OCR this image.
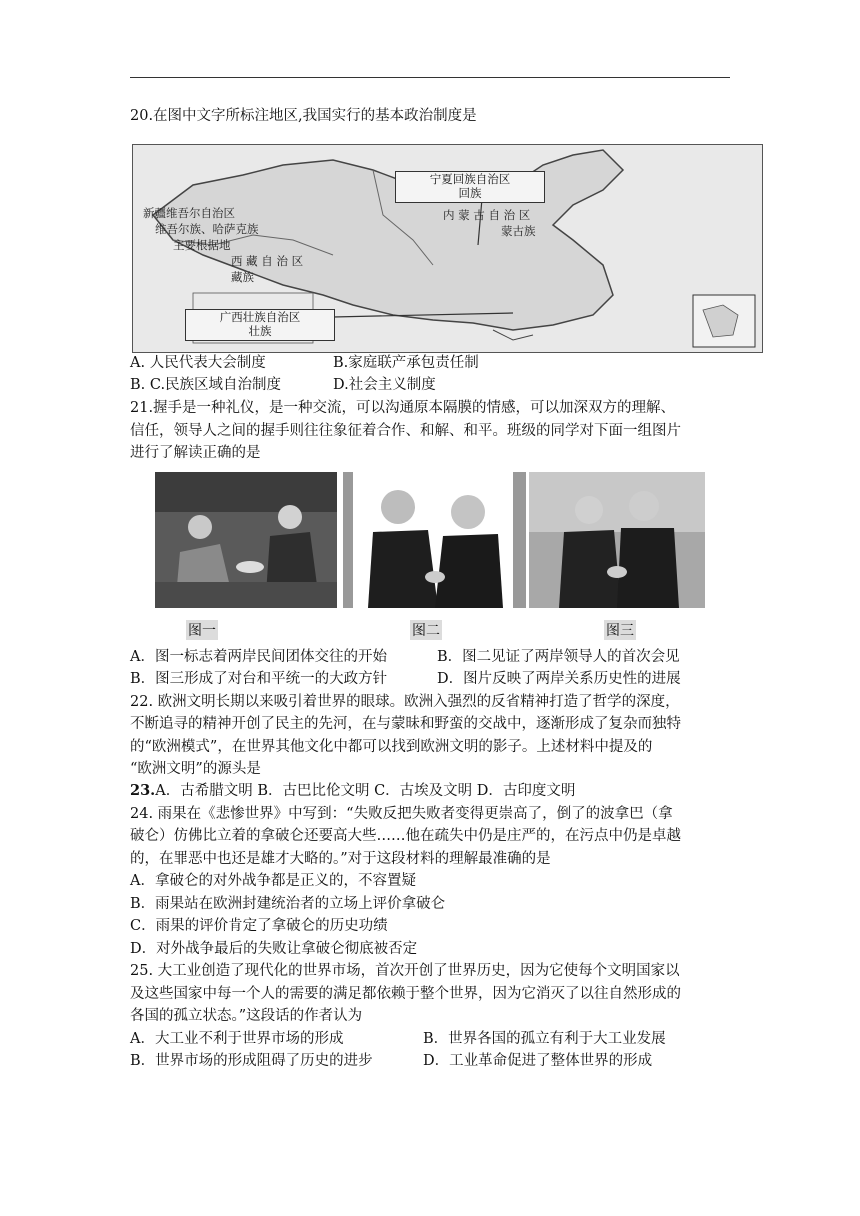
20.在图中文字所标注地区,我国实行的基本政治制度是
新疆维吾尔自治区
维吾尔族、哈萨克族
主要根据地
西 藏 自 治 区
藏族
宁夏回族自治区
回族
内 蒙 古 自 治 区
蒙古族
广西壮族自治区
壮族
A. 人民代表大会制度	B.家庭联产承包责任制
B. C.民族区域自治制度	D.社会主义制度
21.握手是一种礼仪，是一种交流，可以沟通原本隔膜的情感，可以加深双方的理解、
信任，领导人之间的握手则往往象征着合作、和解、和平。班级的同学对下面一组图片
进行了解读正确的是
图一	图二	图三
A．图一标志着两岸民间团体交往的开始	B．图二见证了两岸领导人的首次会见
B．图三形成了对台和平统一的大政方针	D．图片反映了两岸关系历史性的进展
22. 欧洲文明长期以来吸引着世界的眼球。欧洲入强烈的反省精神打造了哲学的深度，
不断追寻的精神开创了民主的先河，在与蒙昧和野蛮的交战中，逐渐形成了复杂而独特
的“欧洲模式”，在世界其他文化中都可以找到欧洲文明的影子。上述材料中提及的
“欧洲文明”的源头是
23.A．古希腊文明 B．古巴比伦文明 C．古埃及文明 D．古印度文明
24. 雨果在《悲惨世界》中写到：“失败反把失败者变得更崇高了，倒了的波拿巴（拿
破仑）仿佛比立着的拿破仑还要高大些……他在疏失中仍是庄严的，在污点中仍是卓越
的，在罪恶中也还是雄才大略的。”对于这段材料的理解最准确的是
A．拿破仑的对外战争都是正义的，不容置疑
B．雨果站在欧洲封建统治者的立场上评价拿破仑
C．雨果的评价肯定了拿破仑的历史功绩
D．对外战争最后的失败让拿破仑彻底被否定
25. 大工业创造了现代化的世界市场，首次开创了世界历史，因为它使每个文明国家以
及这些国家中每一个人的需要的满足都依赖于整个世界，因为它消灭了以往自然形成的
各国的孤立状态。”这段话的作者认为
A．大工业不利于世界市场的形成	B．世界各国的孤立有利于大工业发展
B．世界市场的形成阻碍了历史的进步	D．工业革命促进了整体世界的形成
